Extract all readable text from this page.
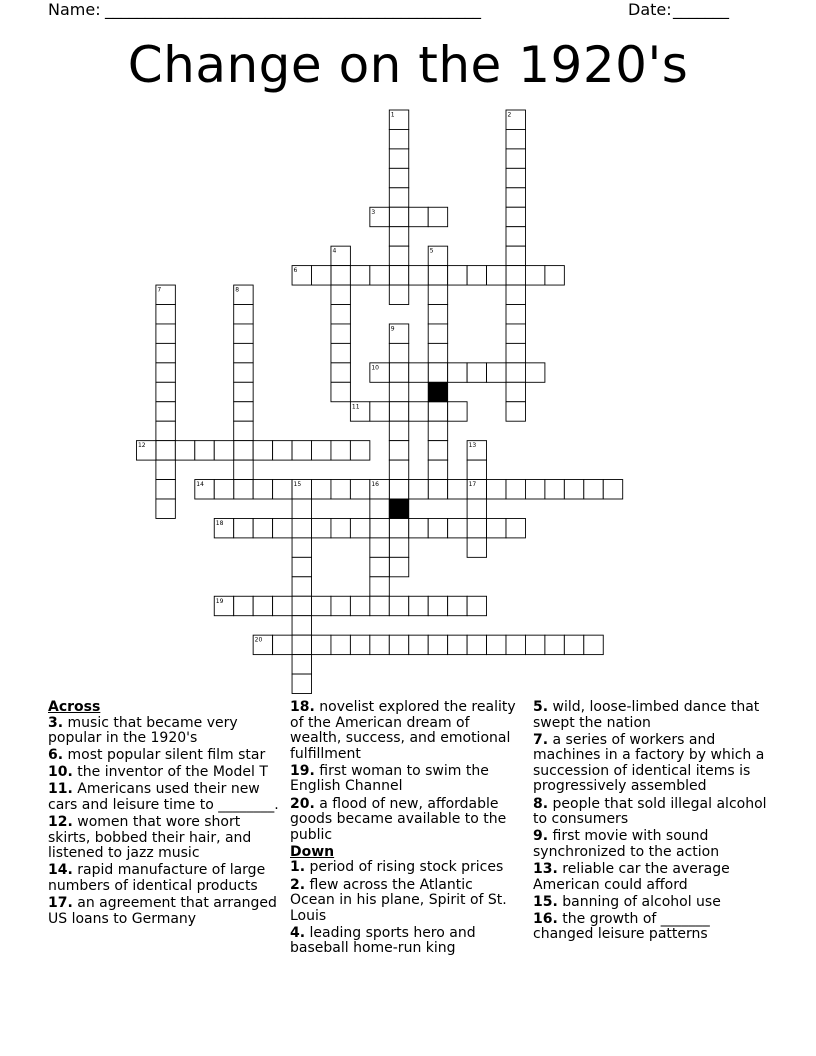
Name: _______________________________________________	Date: _______
Change on the 1920's
1	2
3
4	5
6
7	8
9
10
11
12	13
14	15	16	17
18
19
20
Across
3. music that became very popular in the 1920's
6. most popular silent film star
10. the inventor of the Model T
11. Americans used their new cars and leisure time to ________.
12. women that wore short skirts, bobbed their hair, and listened to jazz music
14. rapid manufacture of large numbers of identical products
17. an agreement that arranged US loans to Germany
18. novelist explored the reality of the American dream of wealth, success, and emotional fulfillment
19. first woman to swim the English Channel
20. a flood of new, affordable goods became available to the public
Down
1. period of rising stock prices
2. flew across the Atlantic Ocean in his plane, Spirit of St. Louis
4. leading sports hero and baseball home-run king
5. wild, loose-limbed dance that swept the nation
7. a series of workers and machines in a factory by which a succession of identical items is progressively assembled
8. people that sold illegal alcohol to consumers
9. first movie with sound synchronized to the action
13. reliable car the average American could afford
15. banning of alcohol use
16. the growth of _______ changed leisure patterns
